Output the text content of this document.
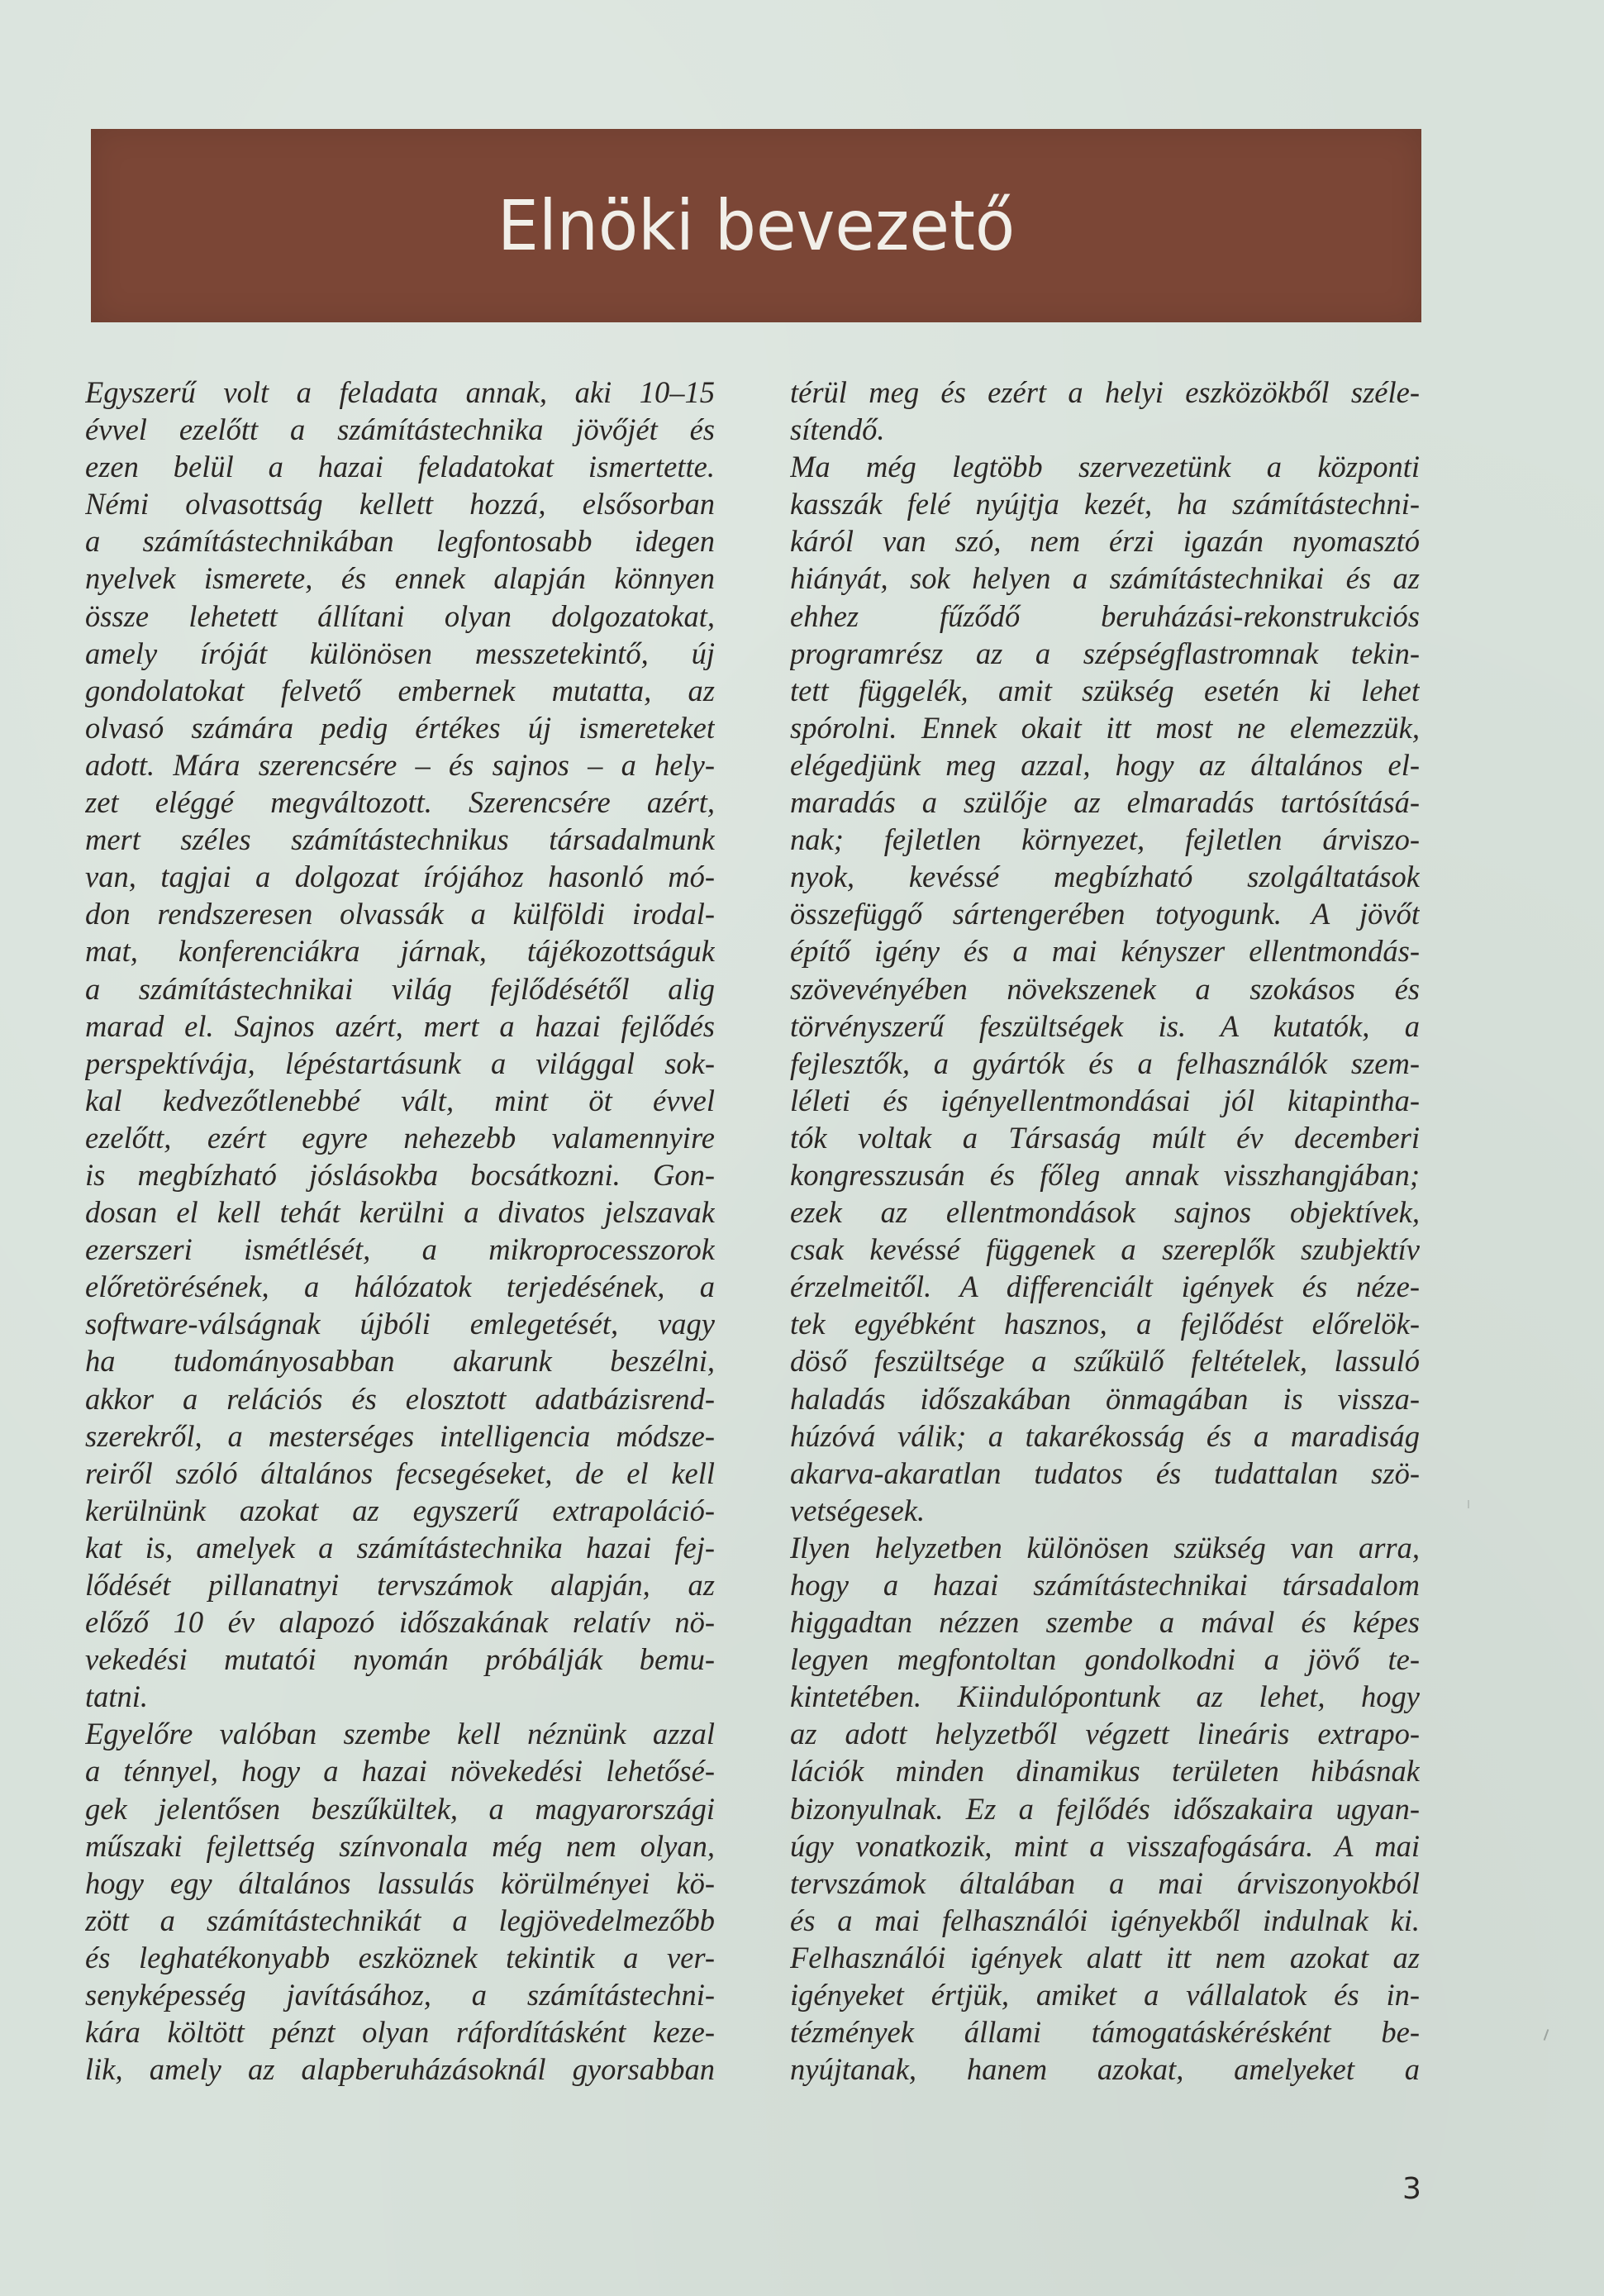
Elnöki bevezető
Egyszerű volt a feladata annak, aki 10–15
évvel ezelőtt a számítástechnika jövőjét és
ezen belül a hazai feladatokat ismertette.
Némi olvasottság kellett hozzá, elsősorban
a számítástechnikában legfontosabb idegen
nyelvek ismerete, és ennek alapján könnyen
össze lehetett állítani olyan dolgozatokat,
amely íróját különösen messzetekintő, új
gondolatokat felvető embernek mutatta, az
olvasó számára pedig értékes új ismereteket
adott. Mára szerencsére – és sajnos – a hely-
zet eléggé megváltozott. Szerencsére azért,
mert széles számítástechnikus társadalmunk
van, tagjai a dolgozat írójához hasonló mó-
don rendszeresen olvassák a külföldi irodal-
mat, konferenciákra járnak, tájékozottságuk
a számítástechnikai világ fejlődésétől alig
marad el. Sajnos azért, mert a hazai fejlődés
perspektívája, lépéstartásunk a világgal sok-
kal kedvezőtlenebbé vált, mint öt évvel
ezelőtt, ezért egyre nehezebb valamennyire
is megbízható jóslásokba bocsátkozni. Gon-
dosan el kell tehát kerülni a divatos jelszavak
ezerszeri ismétlését, a mikroprocesszorok
előretörésének, a hálózatok terjedésének, a
software-válságnak újbóli emlegetését, vagy
ha tudományosabban akarunk beszélni,
akkor a relációs és elosztott adatbázisrend-
szerekről, a mesterséges intelligencia módsze-
reiről szóló általános fecsegéseket, de el kell
kerülnünk azokat az egyszerű extrapoláció-
kat is, amelyek a számítástechnika hazai fej-
lődését pillanatnyi tervszámok alapján, az
előző 10 év alapozó időszakának relatív nö-
vekedési mutatói nyomán próbálják bemu-
tatni.
Egyelőre valóban szembe kell néznünk azzal
a ténnyel, hogy a hazai növekedési lehetősé-
gek jelentősen beszűkültek, a magyarországi
műszaki fejlettség színvonala még nem olyan,
hogy egy általános lassulás körülményei kö-
zött a számítástechnikát a legjövedelmezőbb
és leghatékonyabb eszköznek tekintik a ver-
senyképesség javításához, a számítástechni-
kára költött pénzt olyan ráfordításként keze-
lik, amely az alapberuházásoknál gyorsabban
térül meg és ezért a helyi eszközökből széle-
sítendő.
Ma még legtöbb szervezetünk a központi
kasszák felé nyújtja kezét, ha számítástechni-
káról van szó, nem érzi igazán nyomasztó
hiányát, sok helyen a számítástechnikai és az
ehhez fűződő beruházási-rekonstrukciós
programrész az a szépségflastromnak tekin-
tett függelék, amit szükség esetén ki lehet
spórolni. Ennek okait itt most ne elemezzük,
elégedjünk meg azzal, hogy az általános el-
maradás a szülője az elmaradás tartósításá-
nak; fejletlen környezet, fejletlen árviszo-
nyok, kevéssé megbízható szolgáltatások
összefüggő sártengerében totyogunk. A jövőt
építő igény és a mai kényszer ellentmondás-
szövevényében növekszenek a szokásos és
törvényszerű feszültségek is. A kutatók, a
fejlesztők, a gyártók és a felhasználók szem-
léleti és igényellentmondásai jól kitapintha-
tók voltak a Társaság múlt év decemberi
kongresszusán és főleg annak visszhangjában;
ezek az ellentmondások sajnos objektívek,
csak kevéssé függenek a szereplők szubjektív
érzelmeitől. A differenciált igények és néze-
tek egyébként hasznos, a fejlődést előrelök-
döső feszültsége a szűkülő feltételek, lassuló
haladás időszakában önmagában is vissza-
húzóvá válik; a takarékosság és a maradiság
akarva-akaratlan tudatos és tudattalan szö-
vetségesek.
Ilyen helyzetben különösen szükség van arra,
hogy a hazai számítástechnikai társadalom
higgadtan nézzen szembe a mával és képes
legyen megfontoltan gondolkodni a jövő te-
kintetében. Kiindulópontunk az lehet, hogy
az adott helyzetből végzett lineáris extrapo-
lációk minden dinamikus területen hibásnak
bizonyulnak. Ez a fejlődés időszakaira ugyan-
úgy vonatkozik, mint a visszafogására. A mai
tervszámok általában a mai árviszonyokból
és a mai felhasználói igényekből indulnak ki.
Felhasználói igények alatt itt nem azokat az
igényeket értjük, amiket a vállalatok és in-
tézmények állami támogatáskérésként be-
nyújtanak, hanem azokat, amelyeket a
3
